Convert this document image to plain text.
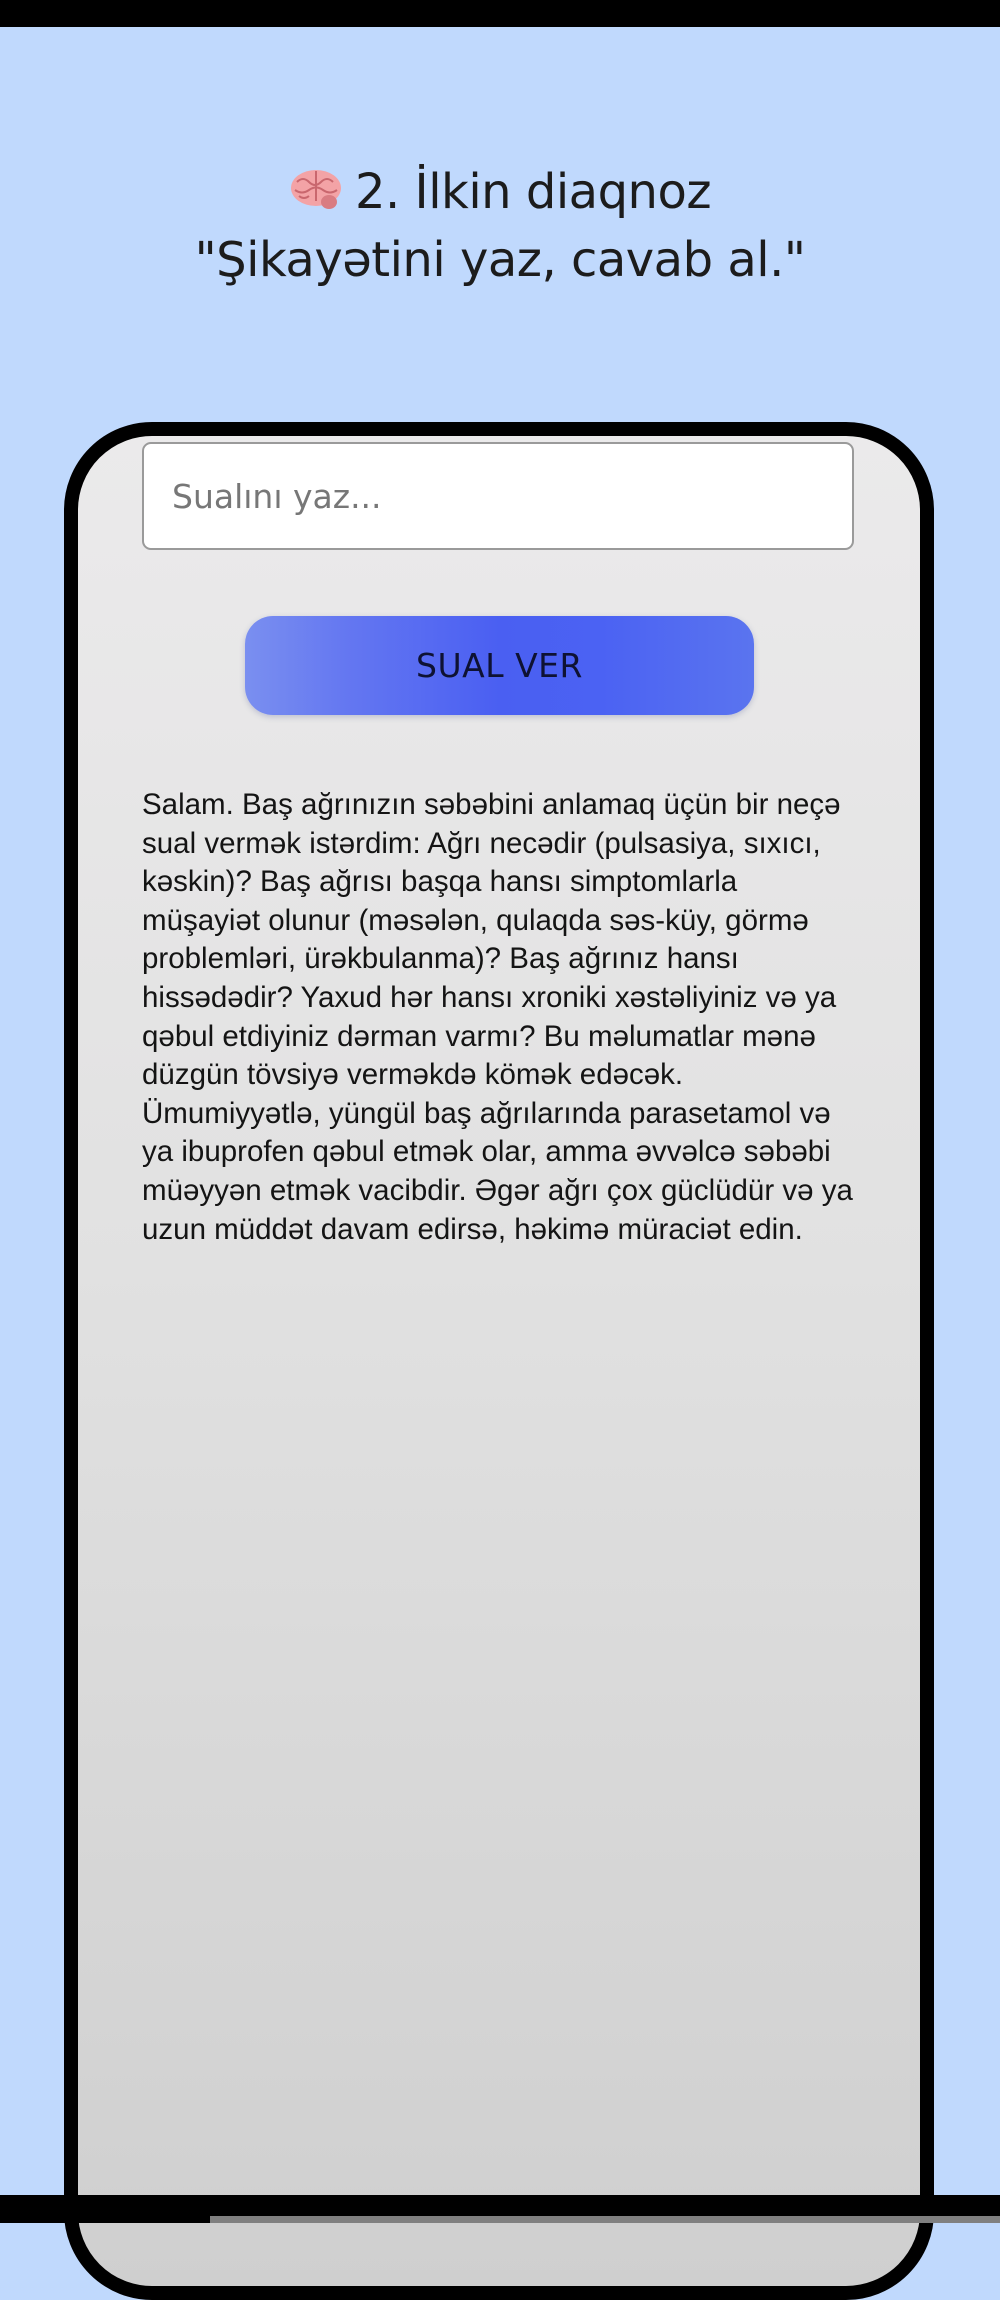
2. İlkin diaqnoz
"Şikayətini yaz, cavab al."
Sualını yaz...
SUAL VER

Salam. Baş ağrınızın səbəbini anlamaq üçün bir neçə sual vermək istərdim: Ağrı necədir (pulsasiya, sıxıcı, kəskin)? Baş ağrısı başqa hansı simptomlarla müşayiət olunur (məsələn, qulaqda səs-küy, görmə problemləri, ürəkbulanma)? Baş ağrınız hansı hissədədir? Yaxud hər hansı xroniki xəstəliyiniz və ya qəbul etdiyiniz dərman varmı? Bu məlumatlar mənə düzgün tövsiyə verməkdə kömək edəcək. Ümumiyyətlə, yüngül baş ağrılarında parasetamol və ya ibuprofen qəbul etmək olar, amma əvvəlcə səbəbi müəyyən etmək vacibdir. Əgər ağrı çox güclüdür və ya uzun müddət davam edirsə, həkimə müraciət edin.
